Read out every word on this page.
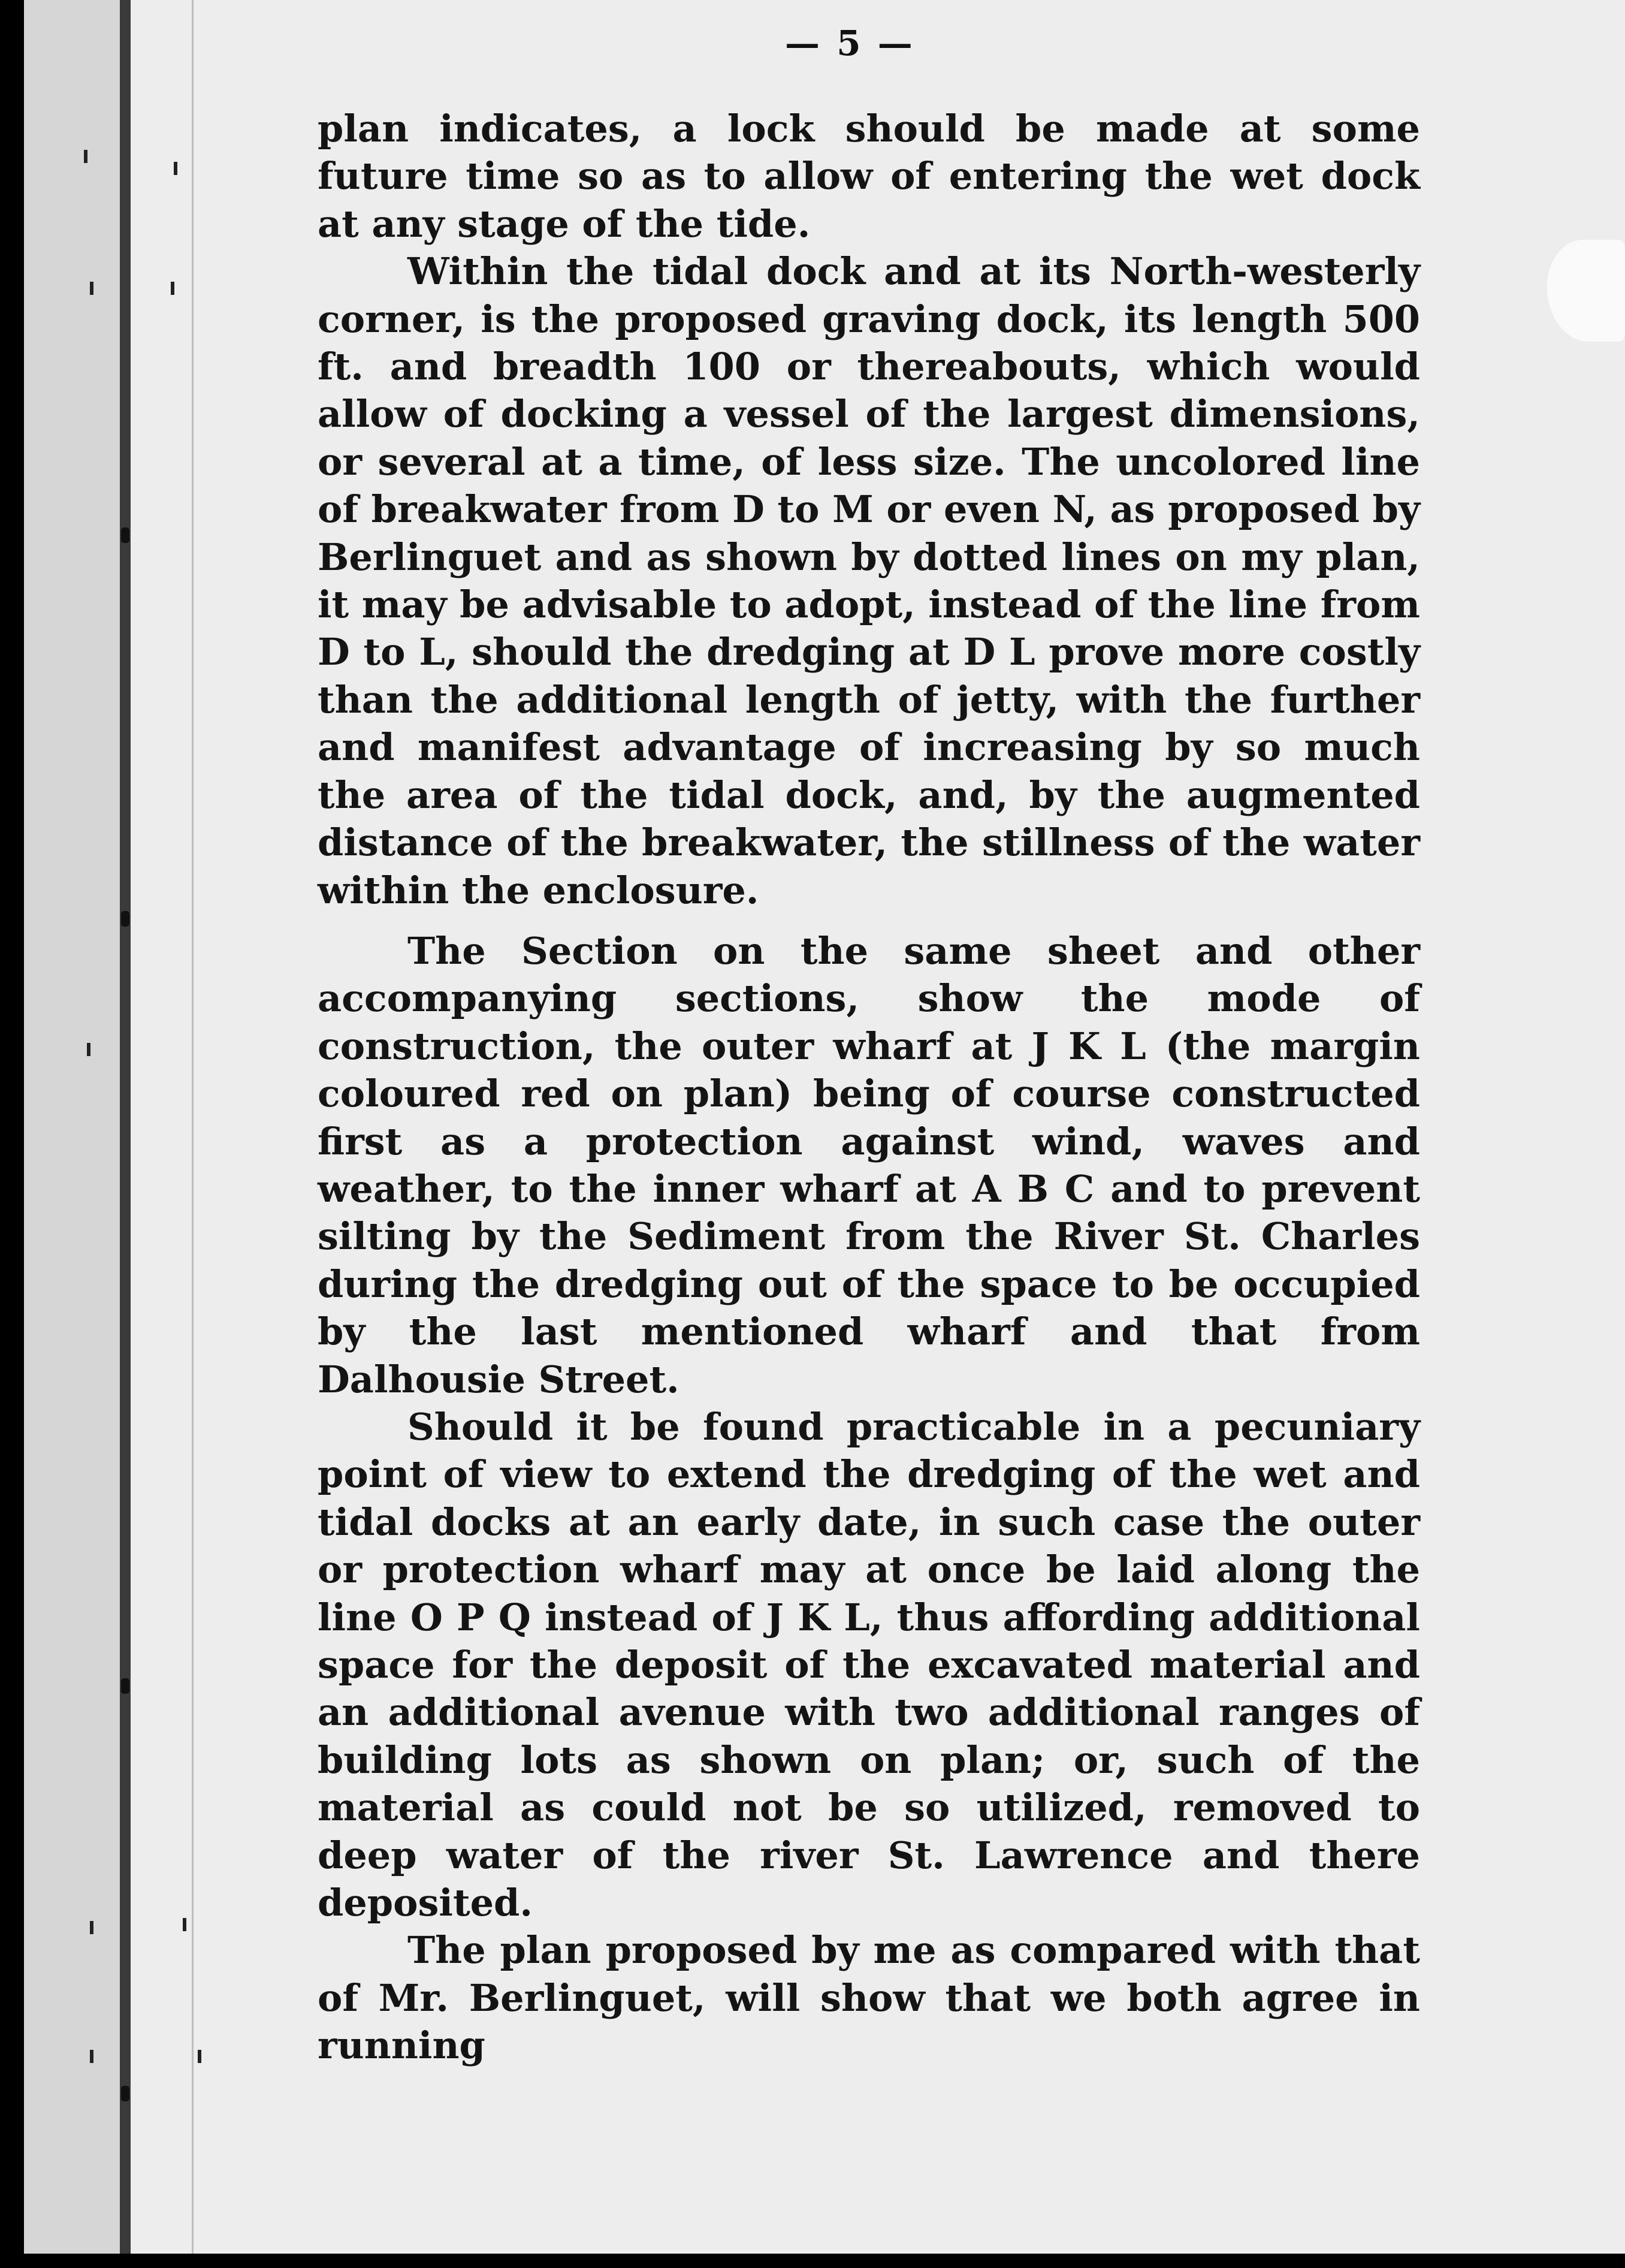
— 5 —

plan indicates, a lock should be made at some future time so as to allow of entering the wet dock at any stage of the tide.

Within the tidal dock and at its North-westerly corner, is the proposed graving dock, its length 500 ft. and breadth 100 or thereabouts, which would allow of docking a vessel of the largest dimensions, or several at a time, of less size. The uncolored line of breakwater from D to M or even N, as proposed by Berlinguet and as shown by dotted lines on my plan, it may be advisable to adopt, instead of the line from D to L, should the dredging at D L prove more costly than the additional length of jetty, with the further and manifest advantage of increasing by so much the area of the tidal dock, and, by the augmented distance of the breakwater, the stillness of the water within the enclosure.

The Section on the same sheet and other accompanying sections, show the mode of construction, the outer wharf at J K L (the margin coloured red on plan) being of course constructed first as a protection against wind, waves and weather, to the inner wharf at A B C and to prevent silting by the Sediment from the River St. Charles during the dredging out of the space to be occupied by the last mentioned wharf and that from Dalhousie Street.

Should it be found practicable in a pecuniary point of view to extend the dredging of the wet and tidal docks at an early date, in such case the outer or protection wharf may at once be laid along the line O P Q instead of J K L, thus affording additional space for the deposit of the excavated material and an additional avenue with two additional ranges of building lots as shown on plan; or, such of the material as could not be so utilized, removed to deep water of the river St. Lawrence and there deposited.

The plan proposed by me as compared with that of Mr. Berlinguet, will show that we both agree in running
